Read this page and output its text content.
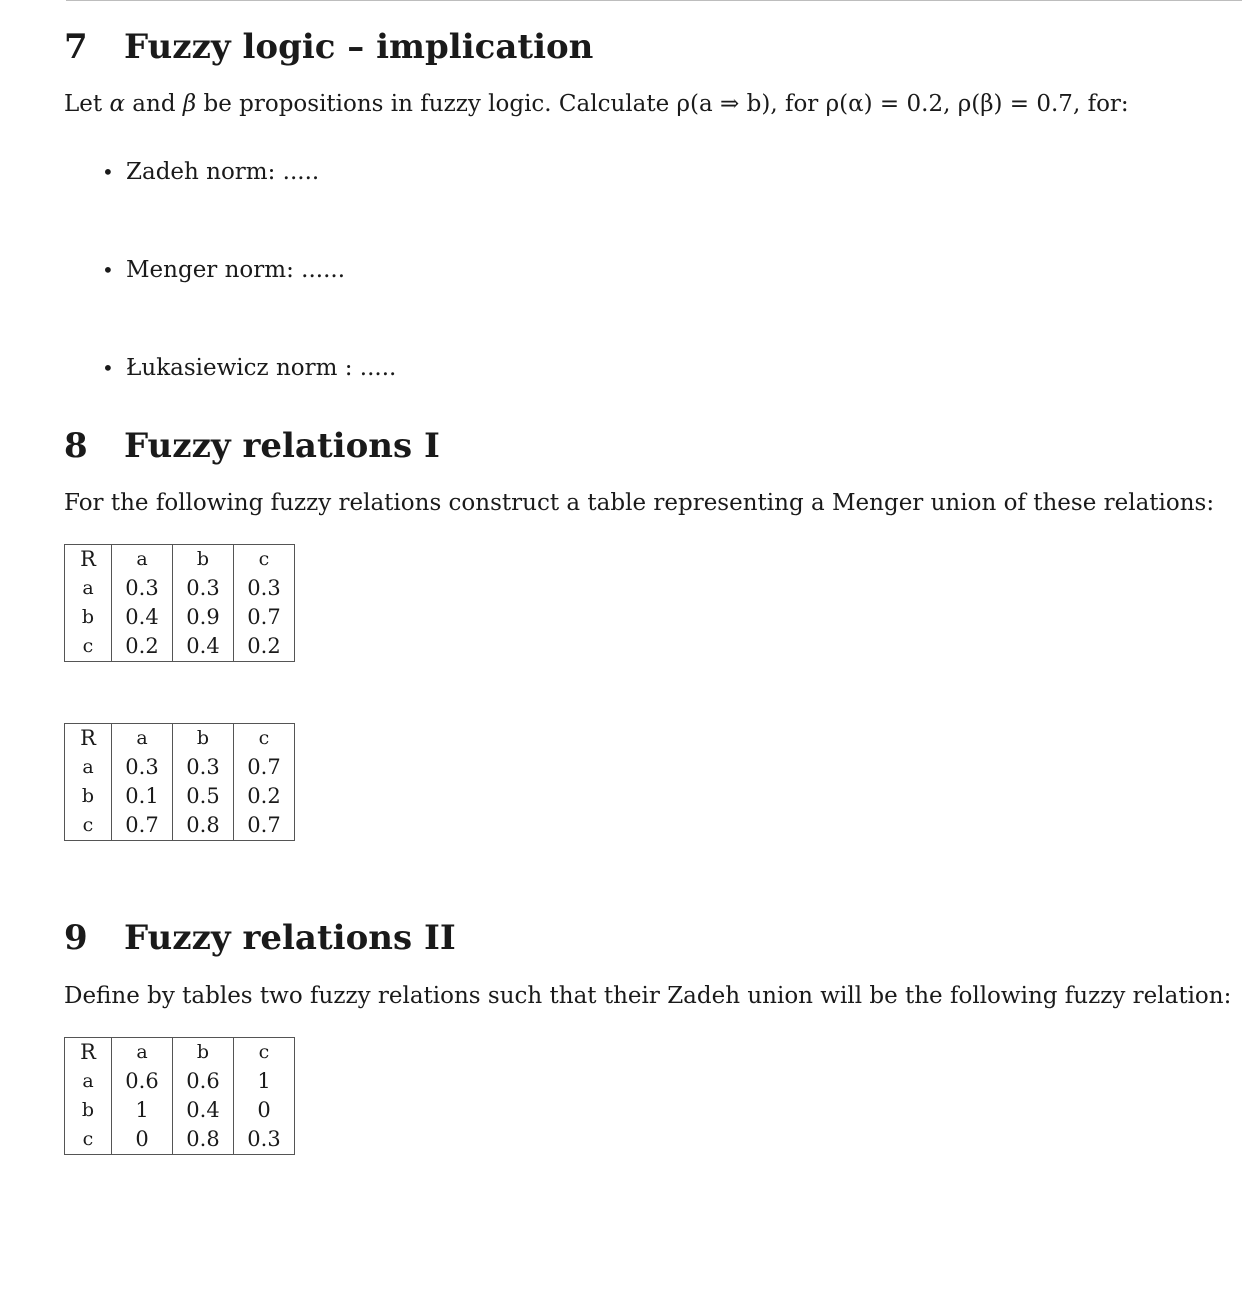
7 Fuzzy logic – implication
Let α and β be propositions in fuzzy logic. Calculate ρ(a ⇒ b), for ρ(α) = 0.2, ρ(β) = 0.7, for:
• Zadeh norm: .....
• Menger norm: ......
• Łukasiewicz norm : .....
8 Fuzzy relations I
For the following fuzzy relations construct a table representing a Menger union of these relations:
R	a	b	c
a	0.3	0.3	0.3
b	0.4	0.9	0.7
c	0.2	0.4	0.2
R	a	b	c
a	0.3	0.3	0.7
b	0.1	0.5	0.2
c	0.7	0.8	0.7
9 Fuzzy relations II
Define by tables two fuzzy relations such that their Zadeh union will be the following fuzzy relation:
R	a	b	c
a	0.6	0.6	1
b	1	0.4	0
c	0	0.8	0.3
